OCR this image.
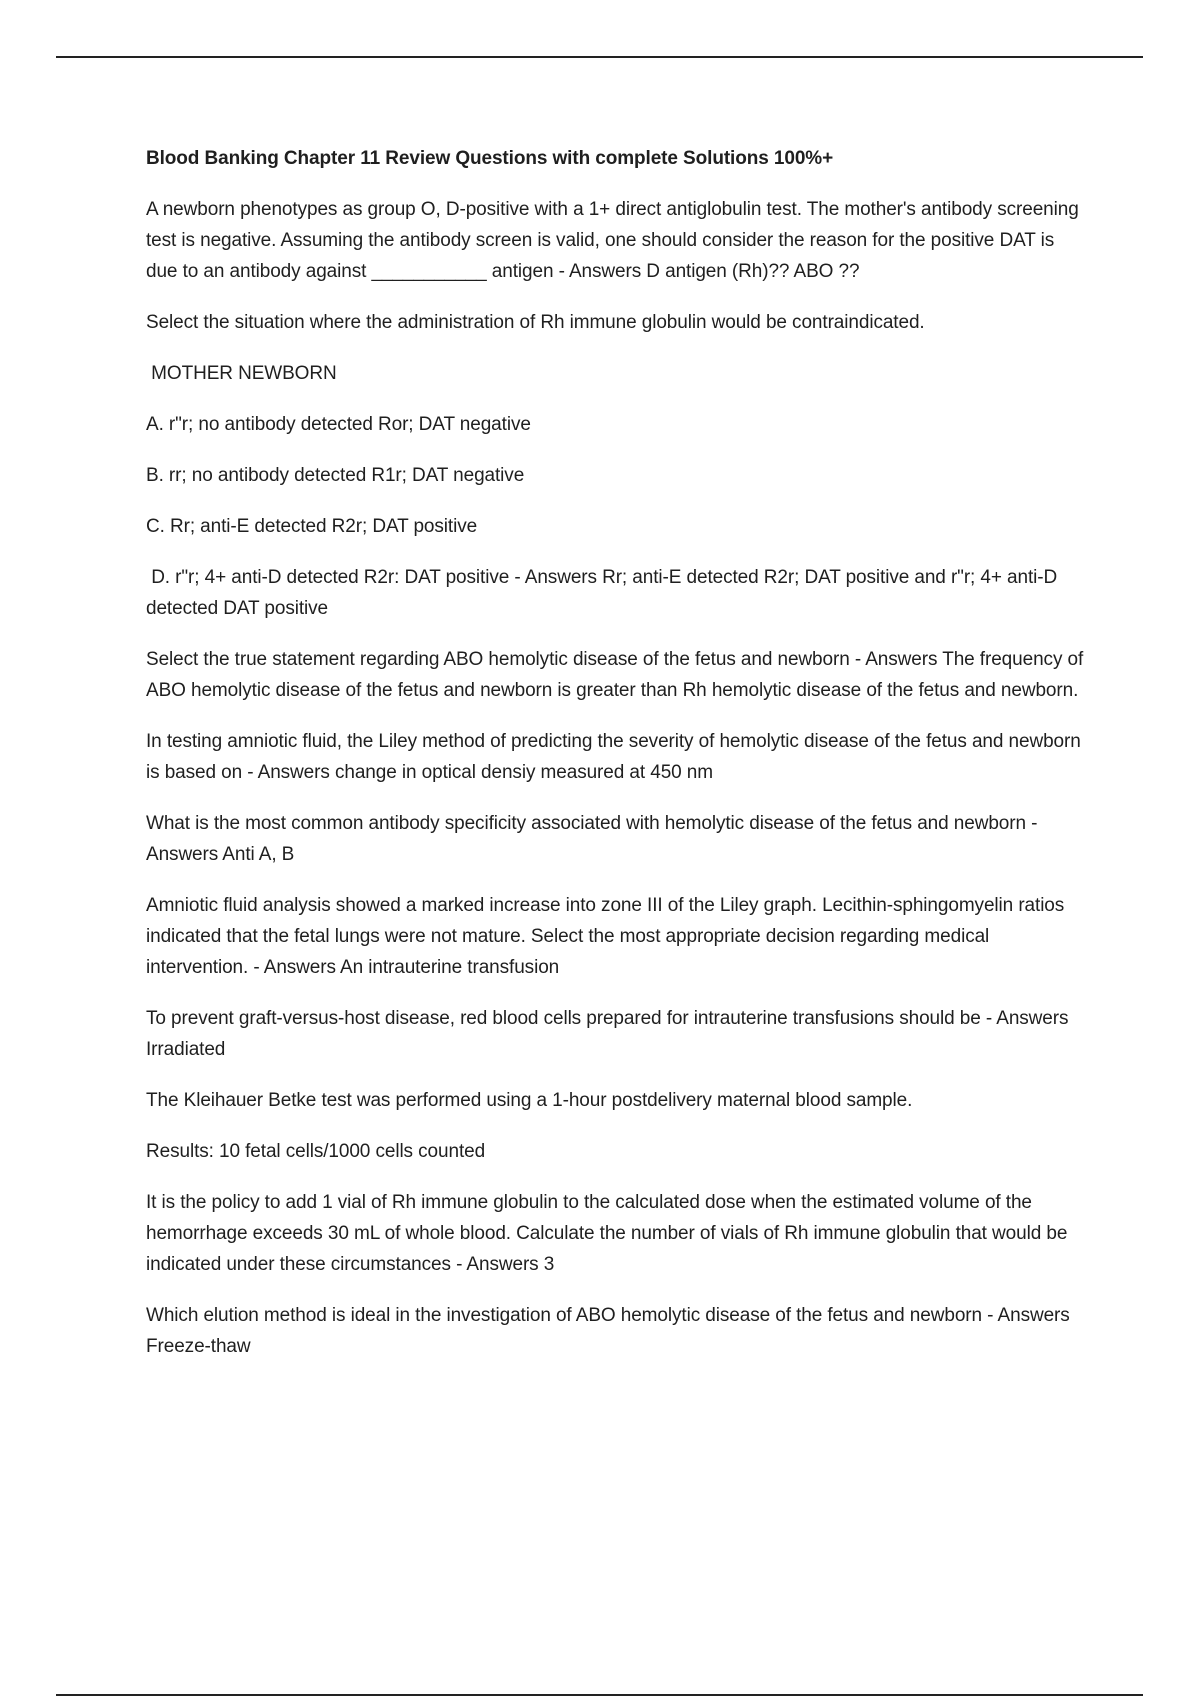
Blood Banking Chapter 11 Review Questions with complete Solutions 100%+
A newborn phenotypes as group O, D-positive with a 1+ direct antiglobulin test. The mother's antibody screening test is negative. Assuming the antibody screen is valid, one should consider the reason for the positive DAT is due to an antibody against ___________ antigen - Answers D antigen (Rh)?? ABO ??
Select the situation where the administration of Rh immune globulin would be contraindicated.
MOTHER NEWBORN
A. r"r; no antibody detected Ror; DAT negative
B. rr; no antibody detected R1r; DAT negative
C. Rr; anti-E detected R2r; DAT positive
D. r"r; 4+ anti-D detected R2r: DAT positive - Answers Rr; anti-E detected R2r; DAT positive and r"r; 4+ anti-D detected DAT positive
Select the true statement regarding ABO hemolytic disease of the fetus and newborn - Answers The frequency of ABO hemolytic disease of the fetus and newborn is greater than Rh hemolytic disease of the fetus and newborn.
In testing amniotic fluid, the Liley method of predicting the severity of hemolytic disease of the fetus and newborn is based on - Answers change in optical densiy measured at 450 nm
What is the most common antibody specificity associated with hemolytic disease of the fetus and newborn - Answers Anti A, B
Amniotic fluid analysis showed a marked increase into zone III of the Liley graph. Lecithin-sphingomyelin ratios indicated that the fetal lungs were not mature. Select the most appropriate decision regarding medical intervention. - Answers An intrauterine transfusion
To prevent graft-versus-host disease, red blood cells prepared for intrauterine transfusions should be - Answers Irradiated
The Kleihauer Betke test was performed using a 1-hour postdelivery maternal blood sample.
Results: 10 fetal cells/1000 cells counted
It is the policy to add 1 vial of Rh immune globulin to the calculated dose when the estimated volume of the hemorrhage exceeds 30 mL of whole blood. Calculate the number of vials of Rh immune globulin that would be indicated under these circumstances - Answers 3
Which elution method is ideal in the investigation of ABO hemolytic disease of the fetus and newborn - Answers Freeze-thaw
